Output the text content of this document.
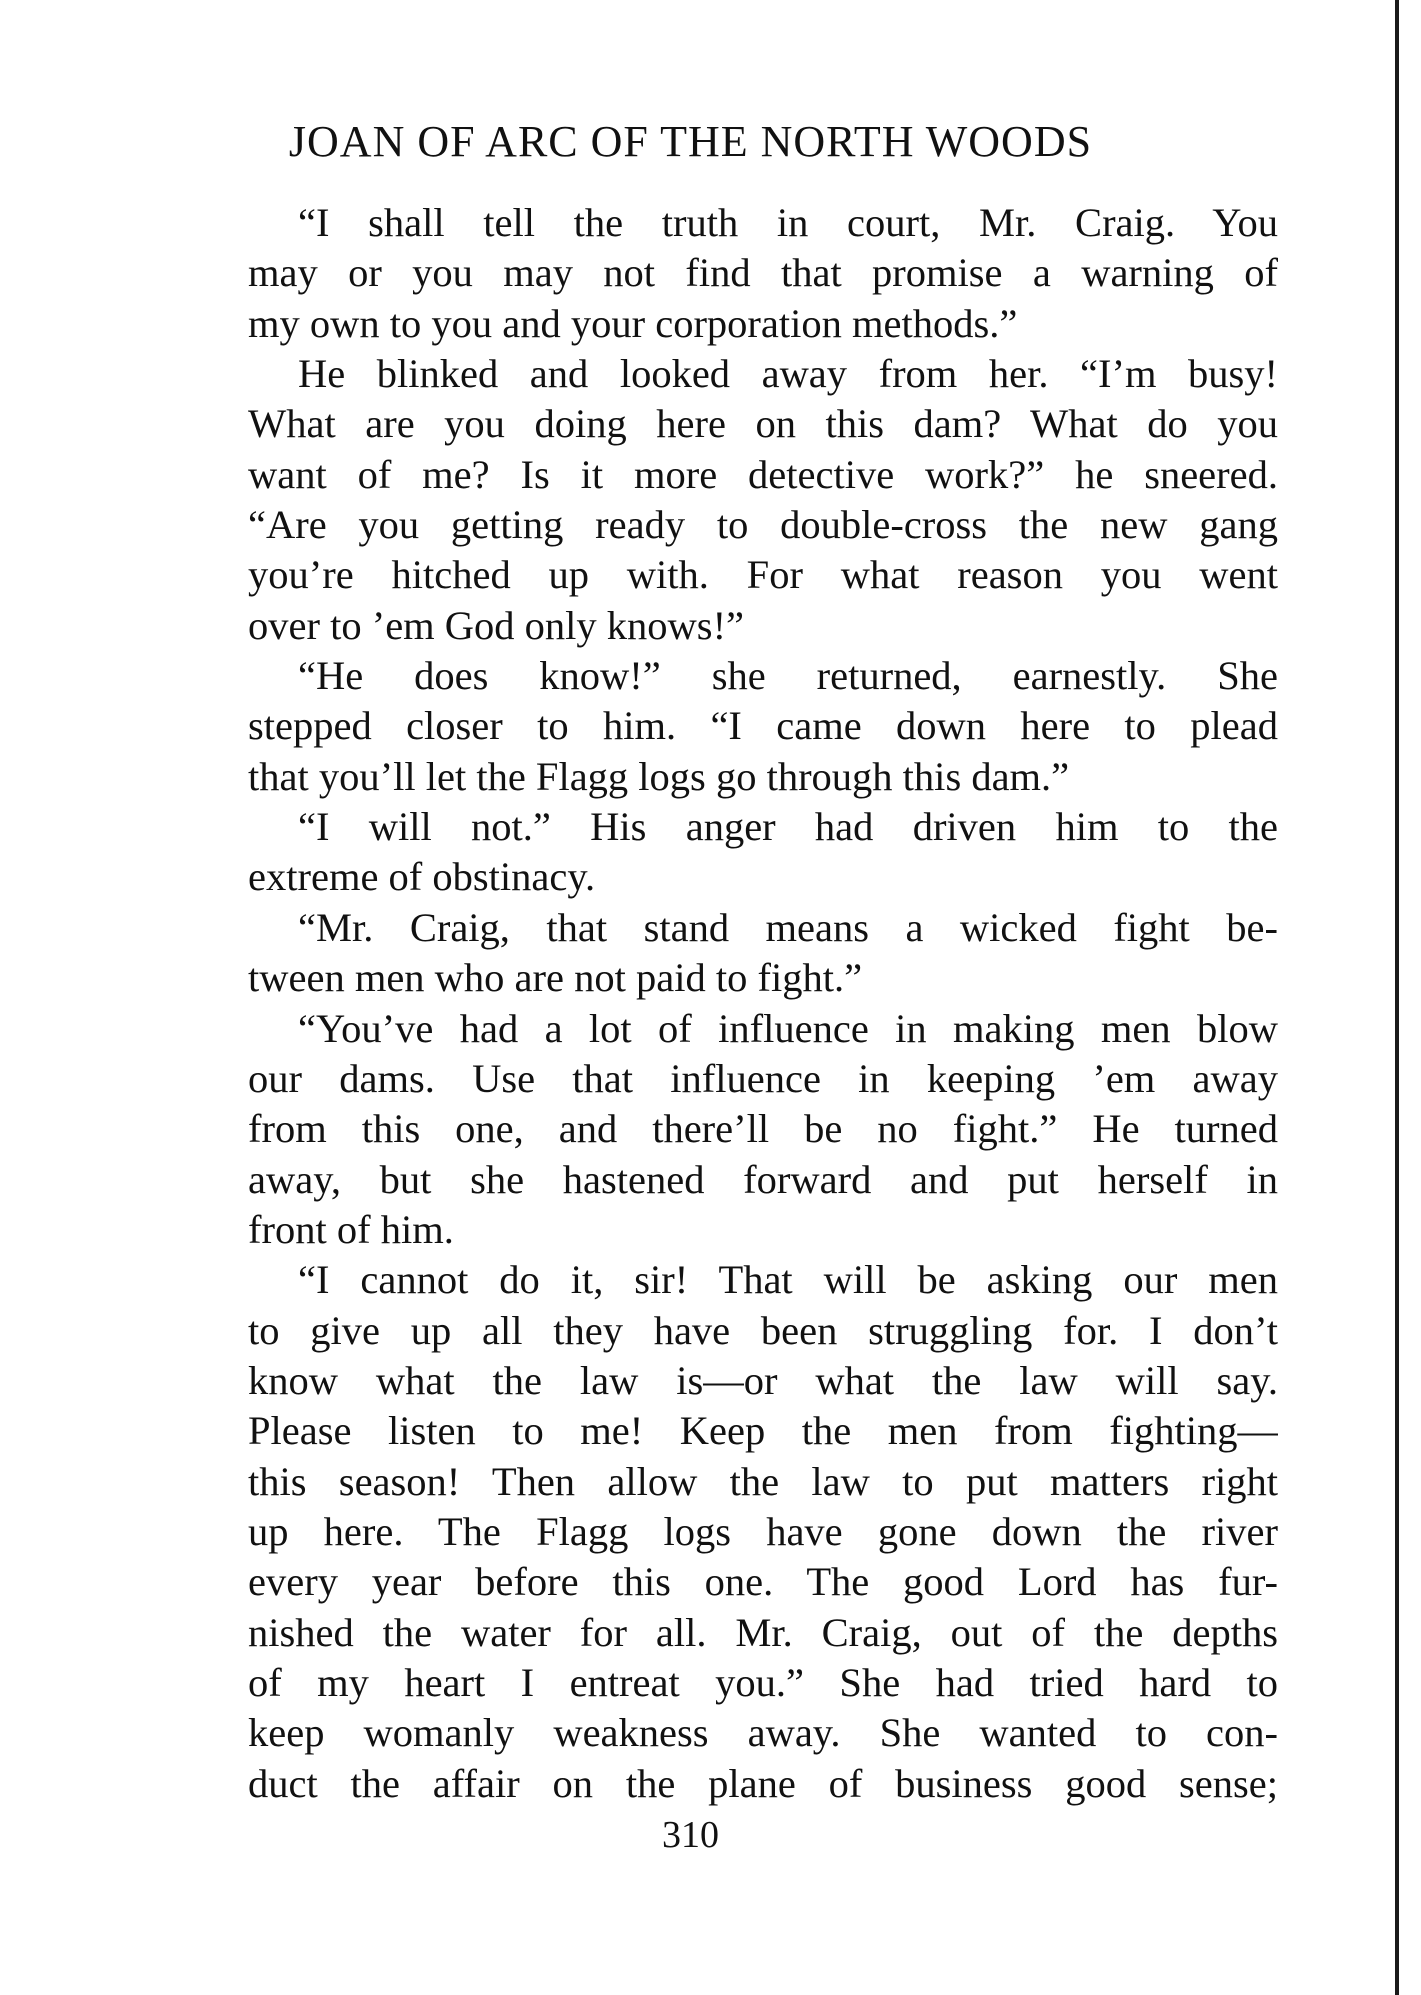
JOAN OF ARC OF THE NORTH WOODS
“I shall tell the truth in court, Mr. Craig. You
may or you may not find that promise a warning of
my own to you and your corporation methods.”
He blinked and looked away from her. “I’m busy!
What are you doing here on this dam? What do you
want of me? Is it more detective work?” he sneered.
“Are you getting ready to double-cross the new gang
you’re hitched up with. For what reason you went
over to ’em God only knows!”
“He does know!” she returned, earnestly. She
stepped closer to him. “I came down here to plead
that you’ll let the Flagg logs go through this dam.”
“I will not.” His anger had driven him to the
extreme of obstinacy.
“Mr. Craig, that stand means a wicked fight be-
tween men who are not paid to fight.”
“You’ve had a lot of influence in making men blow
our dams. Use that influence in keeping ’em away
from this one, and there’ll be no fight.” He turned
away, but she hastened forward and put herself in
front of him.
“I cannot do it, sir! That will be asking our men
to give up all they have been struggling for. I don’t
know what the law is—or what the law will say.
Please listen to me! Keep the men from fighting—
this season! Then allow the law to put matters right
up here. The Flagg logs have gone down the river
every year before this one. The good Lord has fur-
nished the water for all. Mr. Craig, out of the depths
of my heart I entreat you.” She had tried hard to
keep womanly weakness away. She wanted to con-
duct the affair on the plane of business good sense;
310
